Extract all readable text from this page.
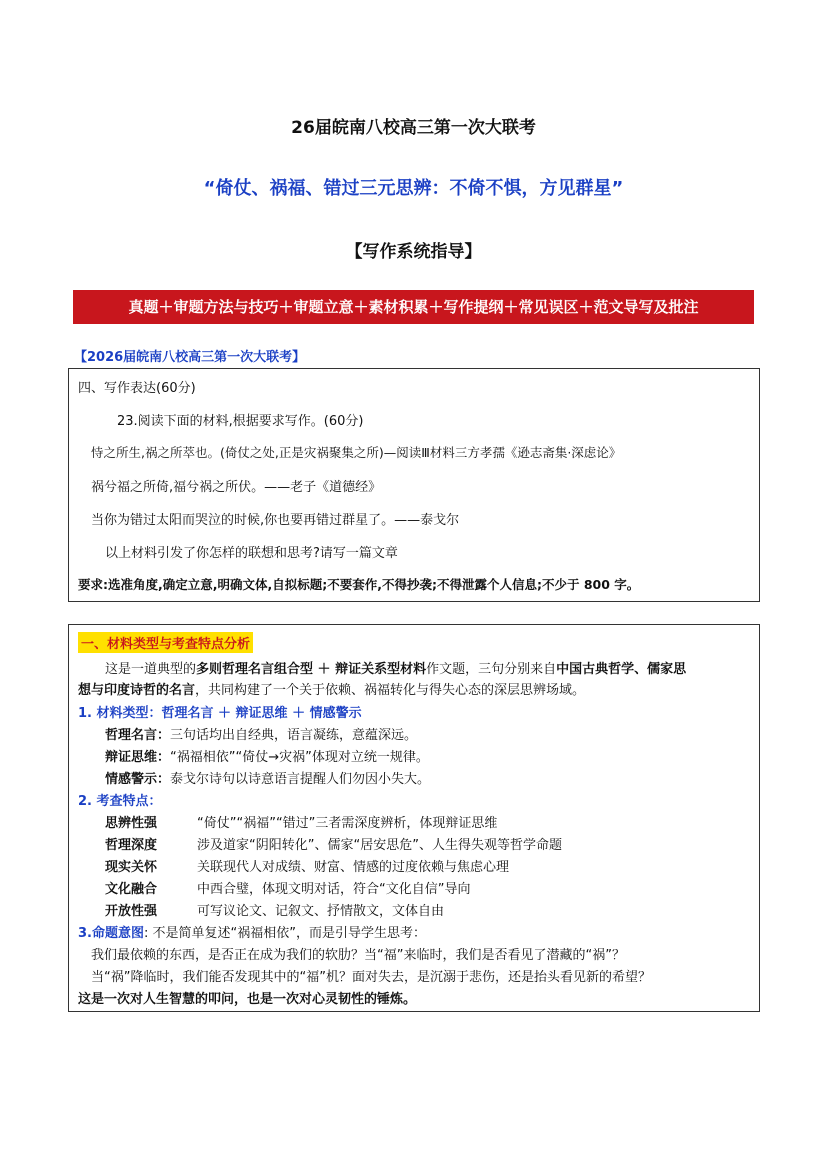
26届皖南八校高三第一次大联考
“倚仗、祸福、错过三元思辨：不倚不惧，方见群星”
【写作系统指导】
真题＋审题方法与技巧＋审题立意＋素材积累＋写作提纲＋常见误区＋范文导写及批注
【2026届皖南八校高三第一次大联考】
四、写作表达(60分)
23.阅读下面的材料,根据要求写作。(60分)
恃之所生,祸之所萃也。(倚仗之处,正是灾祸聚集之所)—阅读Ⅲ材料三方孝孺《逊志斋集·深虑论》
祸兮福之所倚,福兮祸之所伏。——老子《道德经》
当你为错过太阳而哭泣的时候,你也要再错过群星了。——泰戈尔
以上材料引发了你怎样的联想和思考?请写一篇文章
要求:选准角度,确定立意,明确文体,自拟标题;不要套作,不得抄袭;不得泄露个人信息;不少于 800 字。
一、材料类型与考查特点分析
这是一道典型的多则哲理名言组合型 ＋ 辩证关系型材料作文题，三句分别来自中国古典哲学、儒家思
想与印度诗哲的名言，共同构建了一个关于依赖、祸福转化与得失心态的深层思辨场域。
1. 材料类型：哲理名言 ＋ 辩证思维 ＋ 情感警示
哲理名言：三句话均出自经典，语言凝练，意蕴深远。
辩证思维：“祸福相依”“倚仗→灾祸”体现对立统一规律。
情感警示：泰戈尔诗句以诗意语言提醒人们勿因小失大。
2. 考查特点：
思辨性强	“倚仗”“祸福”“错过”三者需深度辨析，体现辩证思维
哲理深度	涉及道家“阴阳转化”、儒家“居安思危”、人生得失观等哲学命题
现实关怀	关联现代人对成绩、财富、情感的过度依赖与焦虑心理
文化融合	中西合璧，体现文明对话，符合“文化自信”导向
开放性强	可写议论文、记叙文、抒情散文，文体自由
3.命题意图: 不是简单复述“祸福相依”，而是引导学生思考：
我们最依赖的东西，是否正在成为我们的软肋？当“福”来临时，我们是否看见了潜藏的“祸”？
当“祸”降临时，我们能否发现其中的“福”机？面对失去，是沉溺于悲伤，还是抬头看见新的希望？
这是一次对人生智慧的叩问，也是一次对心灵韧性的锤炼。
